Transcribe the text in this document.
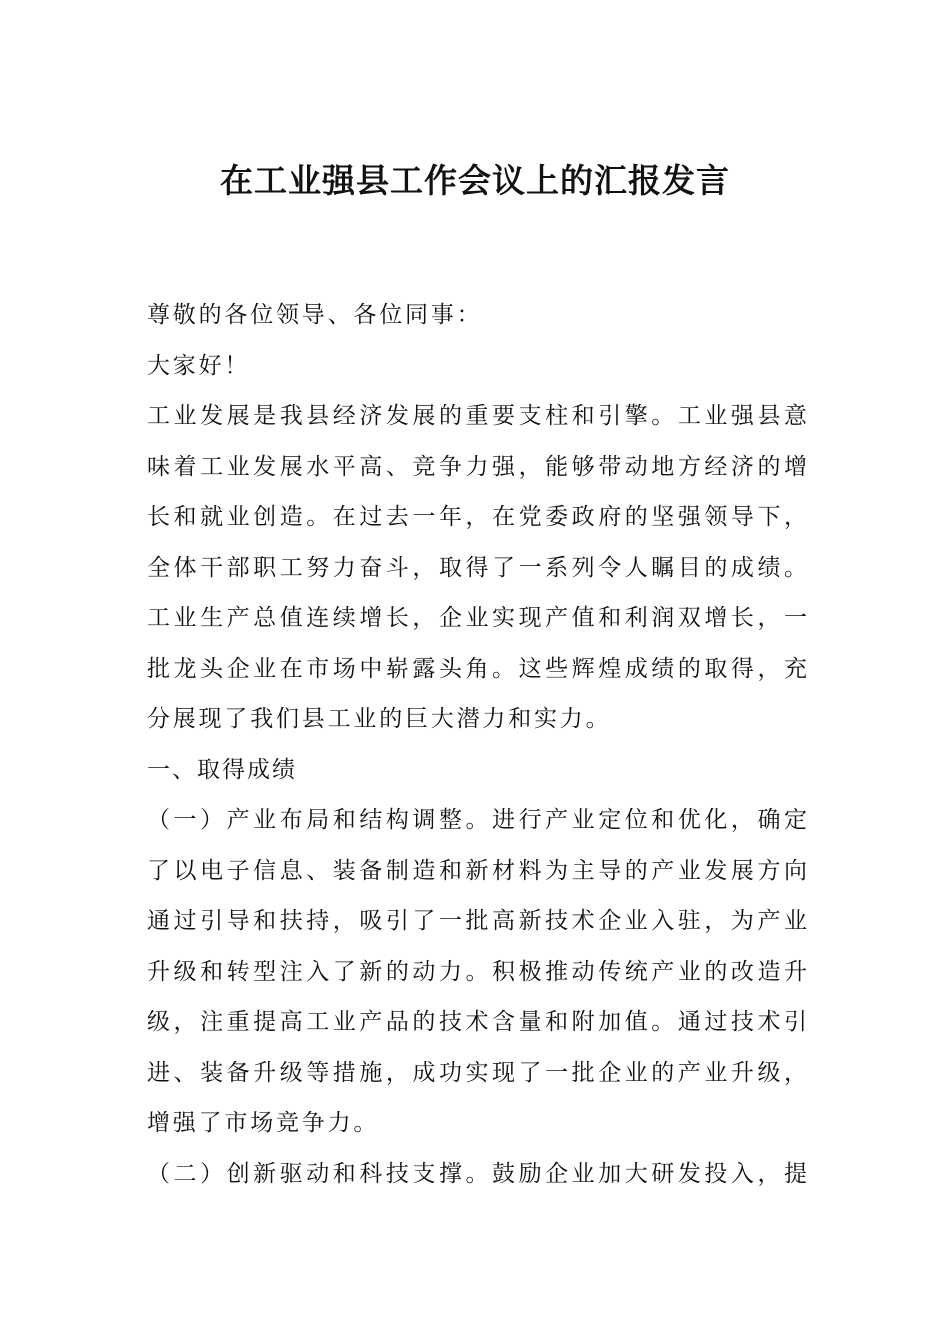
在工业强县工作会议上的汇报发言
尊敬的各位领导、各位同事：
大家好！
工业发展是我县经济发展的重要支柱和引擎。工业强县意
味着工业发展水平高、竞争力强，能够带动地方经济的增
长和就业创造。在过去一年，在党委政府的坚强领导下，
全体干部职工努力奋斗，取得了一系列令人瞩目的成绩。
工业生产总值连续增长，企业实现产值和利润双增长，一
批龙头企业在市场中崭露头角。这些辉煌成绩的取得，充
分展现了我们县工业的巨大潜力和实力。
一、取得成绩
（一）产业布局和结构调整。进行产业定位和优化，确定
了以电子信息、装备制造和新材料为主导的产业发展方向
通过引导和扶持，吸引了一批高新技术企业入驻，为产业
升级和转型注入了新的动力。积极推动传统产业的改造升
级，注重提高工业产品的技术含量和附加值。通过技术引
进、装备升级等措施，成功实现了一批企业的产业升级，
增强了市场竞争力。
（二）创新驱动和科技支撑。鼓励企业加大研发投入，提
